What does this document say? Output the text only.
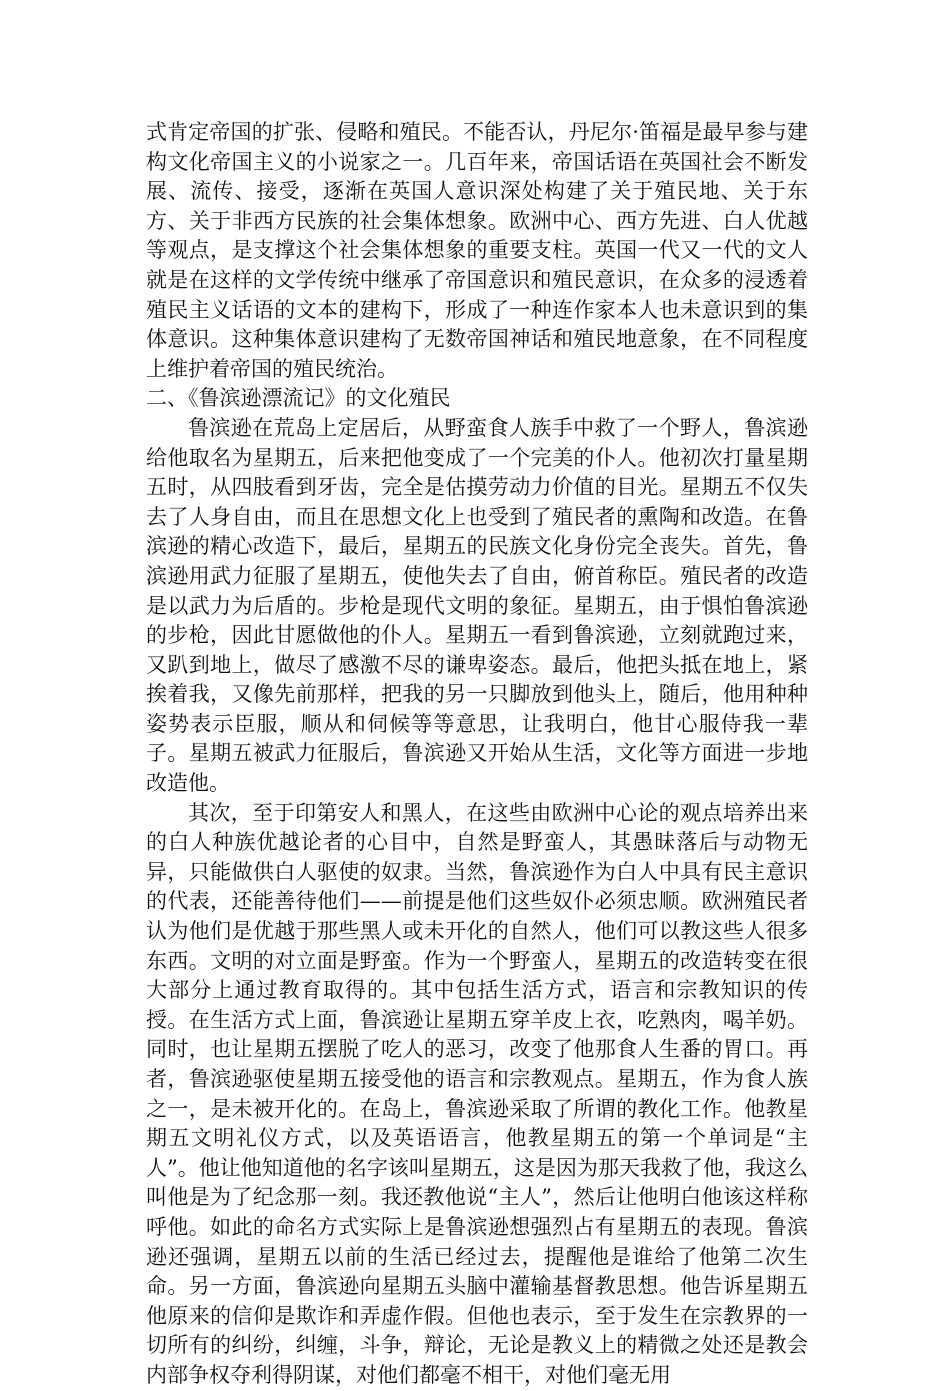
式肯定帝国的扩张、侵略和殖民。不能否认，丹尼尔·笛福是最早参与建构文化帝国主义的小说家之一。几百年来，帝国话语在英国社会不断发展、流传、接受，逐渐在英国人意识深处构建了关于殖民地、关于东方、关于非西方民族的社会集体想象。欧洲中心、西方先进、白人优越等观点，是支撑这个社会集体想象的重要支柱。英国一代又一代的文人就是在这样的文学传统中继承了帝国意识和殖民意识，在众多的浸透着殖民主义话语的文本的建构下，形成了一种连作家本人也未意识到的集体意识。这种集体意识建构了无数帝国神话和殖民地意象，在不同程度上维护着帝国的殖民统治。

二、《鲁滨逊漂流记》的文化殖民

鲁滨逊在荒岛上定居后，从野蛮食人族手中救了一个野人，鲁滨逊给他取名为星期五，后来把他变成了一个完美的仆人。他初次打量星期五时，从四肢看到牙齿，完全是估摸劳动力价值的目光。星期五不仅失去了人身自由，而且在思想文化上也受到了殖民者的熏陶和改造。在鲁滨逊的精心改造下，最后，星期五的民族文化身份完全丧失。首先，鲁滨逊用武力征服了星期五，使他失去了自由，俯首称臣。殖民者的改造是以武力为后盾的。步枪是现代文明的象征。星期五，由于惧怕鲁滨逊的步枪，因此甘愿做他的仆人。星期五一看到鲁滨逊，立刻就跑过来，又趴到地上，做尽了感激不尽的谦卑姿态。最后，他把头抵在地上，紧挨着我，又像先前那样，把我的另一只脚放到他头上，随后，他用种种姿势表示臣服，顺从和伺候等等意思，让我明白，他甘心服侍我一辈子。星期五被武力征服后，鲁滨逊又开始从生活，文化等方面进一步地改造他。

其次，至于印第安人和黑人，在这些由欧洲中心论的观点培养出来的白人种族优越论者的心目中，自然是野蛮人，其愚昧落后与动物无异，只能做供白人驱使的奴隶。当然，鲁滨逊作为白人中具有民主意识的代表，还能善待他们——前提是他们这些奴仆必须忠顺。欧洲殖民者认为他们是优越于那些黑人或未开化的自然人，他们可以教这些人很多东西。文明的对立面是野蛮。作为一个野蛮人，星期五的改造转变在很大部分上通过教育取得的。其中包括生活方式，语言和宗教知识的传授。在生活方式上面，鲁滨逊让星期五穿羊皮上衣，吃熟肉，喝羊奶。同时，也让星期五摆脱了吃人的恶习，改变了他那食人生番的胃口。再者，鲁滨逊驱使星期五接受他的语言和宗教观点。星期五，作为食人族之一，是未被开化的。在岛上，鲁滨逊采取了所谓的教化工作。他教星期五文明礼仪方式，以及英语语言，他教星期五的第一个单词是“主人”。他让他知道他的名字该叫星期五，这是因为那天我救了他，我这么叫他是为了纪念那一刻。我还教他说“主人”，然后让他明白他该这样称呼他。如此的命名方式实际上是鲁滨逊想强烈占有星期五的表现。鲁滨逊还强调，星期五以前的生活已经过去，提醒他是谁给了他第二次生命。另一方面，鲁滨逊向星期五头脑中灌输基督教思想。他告诉星期五他原来的信仰是欺诈和弄虚作假。但他也表示，至于发生在宗教界的一切所有的纠纷，纠缠，斗争，辩论，无论是教义上的精微之处还是教会内部争权夺利得阴谋，对他们都毫不相干，对他们毫无用
